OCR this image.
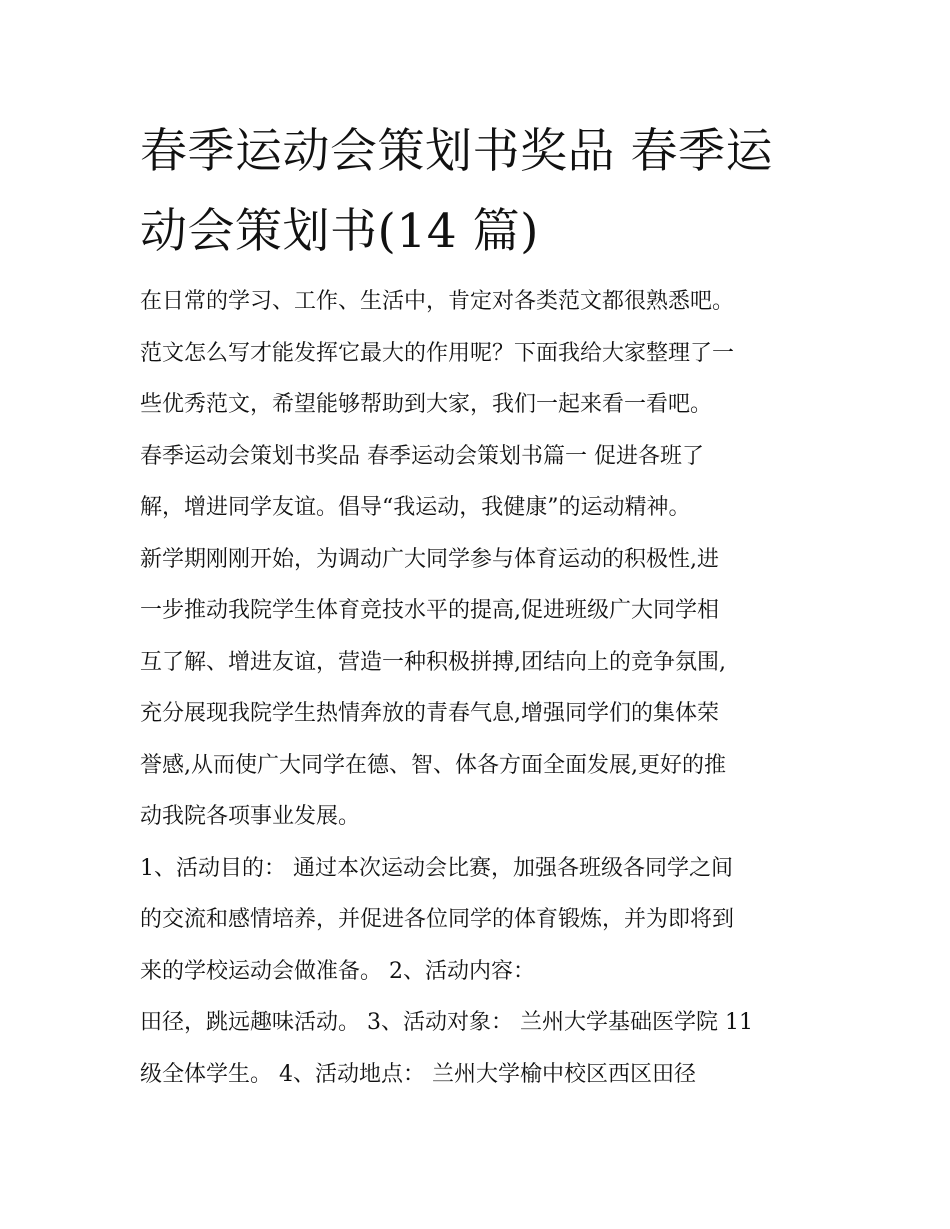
春季运动会策划书奖品 春季运
动会策划书(14 篇)
在日常的学习、工作、生活中，肯定对各类范文都很熟悉吧。
范文怎么写才能发挥它最大的作用呢？下面我给大家整理了一
些优秀范文，希望能够帮助到大家，我们一起来看一看吧。
春季运动会策划书奖品 春季运动会策划书篇一 促进各班了
解，增进同学友谊。倡导“我运动，我健康”的运动精神。
新学期刚刚开始，为调动广大同学参与体育运动的积极性,进
一步推动我院学生体育竞技水平的提高,促进班级广大同学相
互了解、增进友谊，营造一种积极拼搏,团结向上的竞争氛围,
充分展现我院学生热情奔放的青春气息,增强同学们的集体荣
誉感,从而使广大同学在德、智、体各方面全面发展,更好的推
动我院各项事业发展。
1、活动目的： 通过本次运动会比赛，加强各班级各同学之间
的交流和感情培养，并促进各位同学的体育锻炼，并为即将到
来的学校运动会做准备。 2、活动内容：
田径，跳远趣味活动。 3、活动对象： 兰州大学基础医学院 11
级全体学生。 4、活动地点： 兰州大学榆中校区西区田径
